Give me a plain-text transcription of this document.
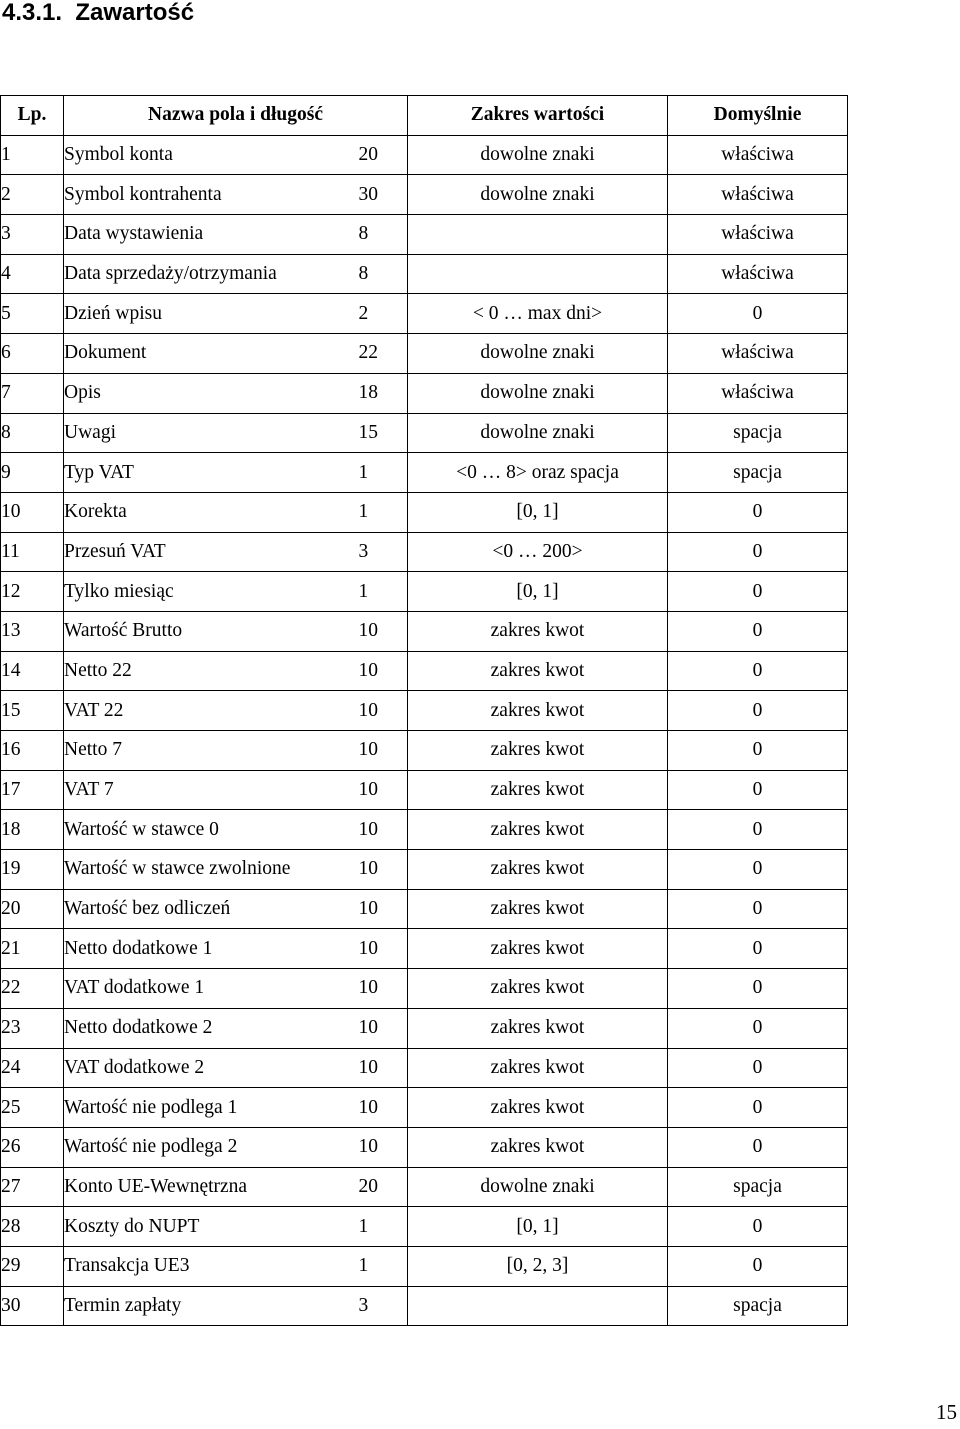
4.3.1.  Zawartość
Lp.	Nazwa pola i długość		Zakres wartości	Domyślnie
1	Symbol konta	20	dowolne znaki	właściwa
2	Symbol kontrahenta	30	dowolne znaki	właściwa
3	Data wystawienia	8		właściwa
4	Data sprzedaży/otrzymania	8		właściwa
5	Dzień wpisu	2	< 0 … max dni>	0
6	Dokument	22	dowolne znaki	właściwa
7	Opis	18	dowolne znaki	właściwa
8	Uwagi	15	dowolne znaki	spacja
9	Typ VAT	1	<0 … 8> oraz spacja	spacja
10	Korekta	1	[0, 1]	0
11	Przesuń VAT	3	<0 … 200>	0
12	Tylko miesiąc	1	[0, 1]	0
13	Wartość Brutto	10	zakres kwot	0
14	Netto 22	10	zakres kwot	0
15	VAT 22	10	zakres kwot	0
16	Netto 7	10	zakres kwot	0
17	VAT 7	10	zakres kwot	0
18	Wartość w stawce 0	10	zakres kwot	0
19	Wartość w stawce zwolnione	10	zakres kwot	0
20	Wartość bez odliczeń	10	zakres kwot	0
21	Netto dodatkowe 1	10	zakres kwot	0
22	VAT dodatkowe 1	10	zakres kwot	0
23	Netto dodatkowe 2	10	zakres kwot	0
24	VAT dodatkowe 2	10	zakres kwot	0
25	Wartość nie podlega 1	10	zakres kwot	0
26	Wartość nie podlega 2	10	zakres kwot	0
27	Konto UE-Wewnętrzna	20	dowolne znaki	spacja
28	Koszty do NUPT	1	[0, 1]	0
29	Transakcja UE3	1	[0, 2, 3]	0
30	Termin zapłaty	3		spacja
15
